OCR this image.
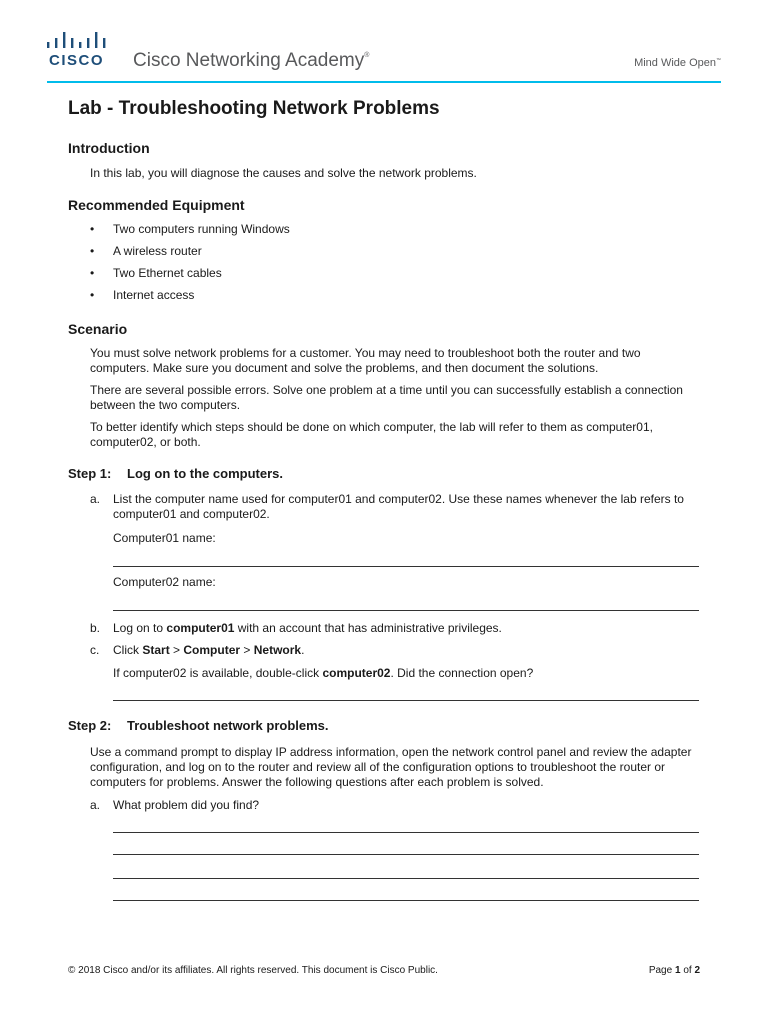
CISCO Cisco Networking Academy®
Mind Wide Open™
Lab - Troubleshooting Network Problems
Introduction
In this lab, you will diagnose the causes and solve the network problems.
Recommended Equipment
• Two computers running Windows
• A wireless router
• Two Ethernet cables
• Internet access
Scenario
You must solve network problems for a customer. You may need to troubleshoot both the router and two computers. Make sure you document and solve the problems, and then document the solutions.
There are several possible errors. Solve one problem at a time until you can successfully establish a connection between the two computers.
To better identify which steps should be done on which computer, the lab will refer to them as computer01, computer02, or both.
Step 1: Log on to the computers.
a. List the computer name used for computer01 and computer02. Use these names whenever the lab refers to computer01 and computer02.
Computer01 name:
Computer02 name:
b. Log on to computer01 with an account that has administrative privileges.
c. Click Start > Computer > Network.
If computer02 is available, double-click computer02. Did the connection open?
Step 2: Troubleshoot network problems.
Use a command prompt to display IP address information, open the network control panel and review the adapter configuration, and log on to the router and review all of the configuration options to troubleshoot the router or computers for problems. Answer the following questions after each problem is solved.
a. What problem did you find?
© 2018 Cisco and/or its affiliates. All rights reserved. This document is Cisco Public.	Page 1 of 2
